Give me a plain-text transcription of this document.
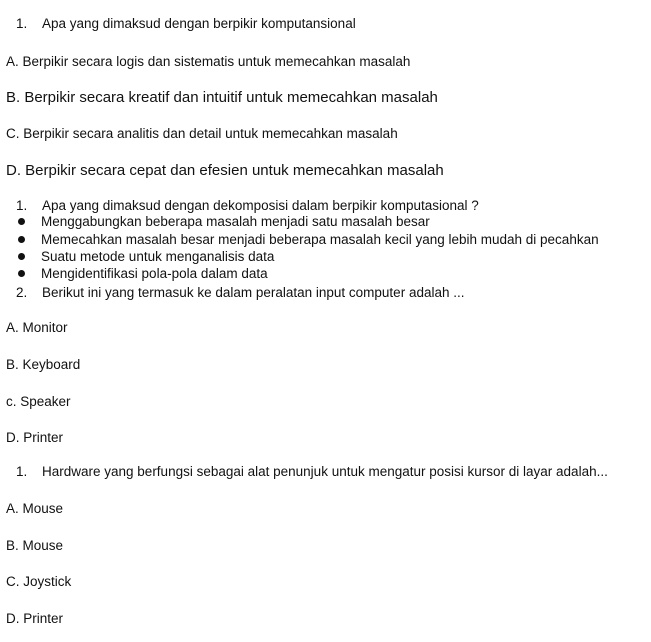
1. Apa yang dimaksud dengan berpikir komputansional
A. Berpikir secara logis dan sistematis untuk memecahkan masalah
B. Berpikir secara kreatif dan intuitif untuk memecahkan masalah
C. Berpikir secara analitis dan detail untuk memecahkan masalah
D. Berpikir secara cepat dan efesien untuk memecahkan masalah
1. Apa yang dimaksud dengan dekomposisi dalam berpikir komputasional ?
Menggabungkan beberapa masalah menjadi satu masalah besar
Memecahkan masalah besar menjadi beberapa masalah kecil yang lebih mudah di pecahkan
Suatu metode untuk menganalisis data
Mengidentifikasi pola-pola dalam data
2. Berikut ini yang termasuk ke dalam peralatan input computer adalah ...
A. Monitor
B. Keyboard
c. Speaker
D. Printer
1. Hardware yang berfungsi sebagai alat penunjuk untuk mengatur posisi kursor di layar adalah...
A. Mouse
B. Mouse
C. Joystick
D. Printer
